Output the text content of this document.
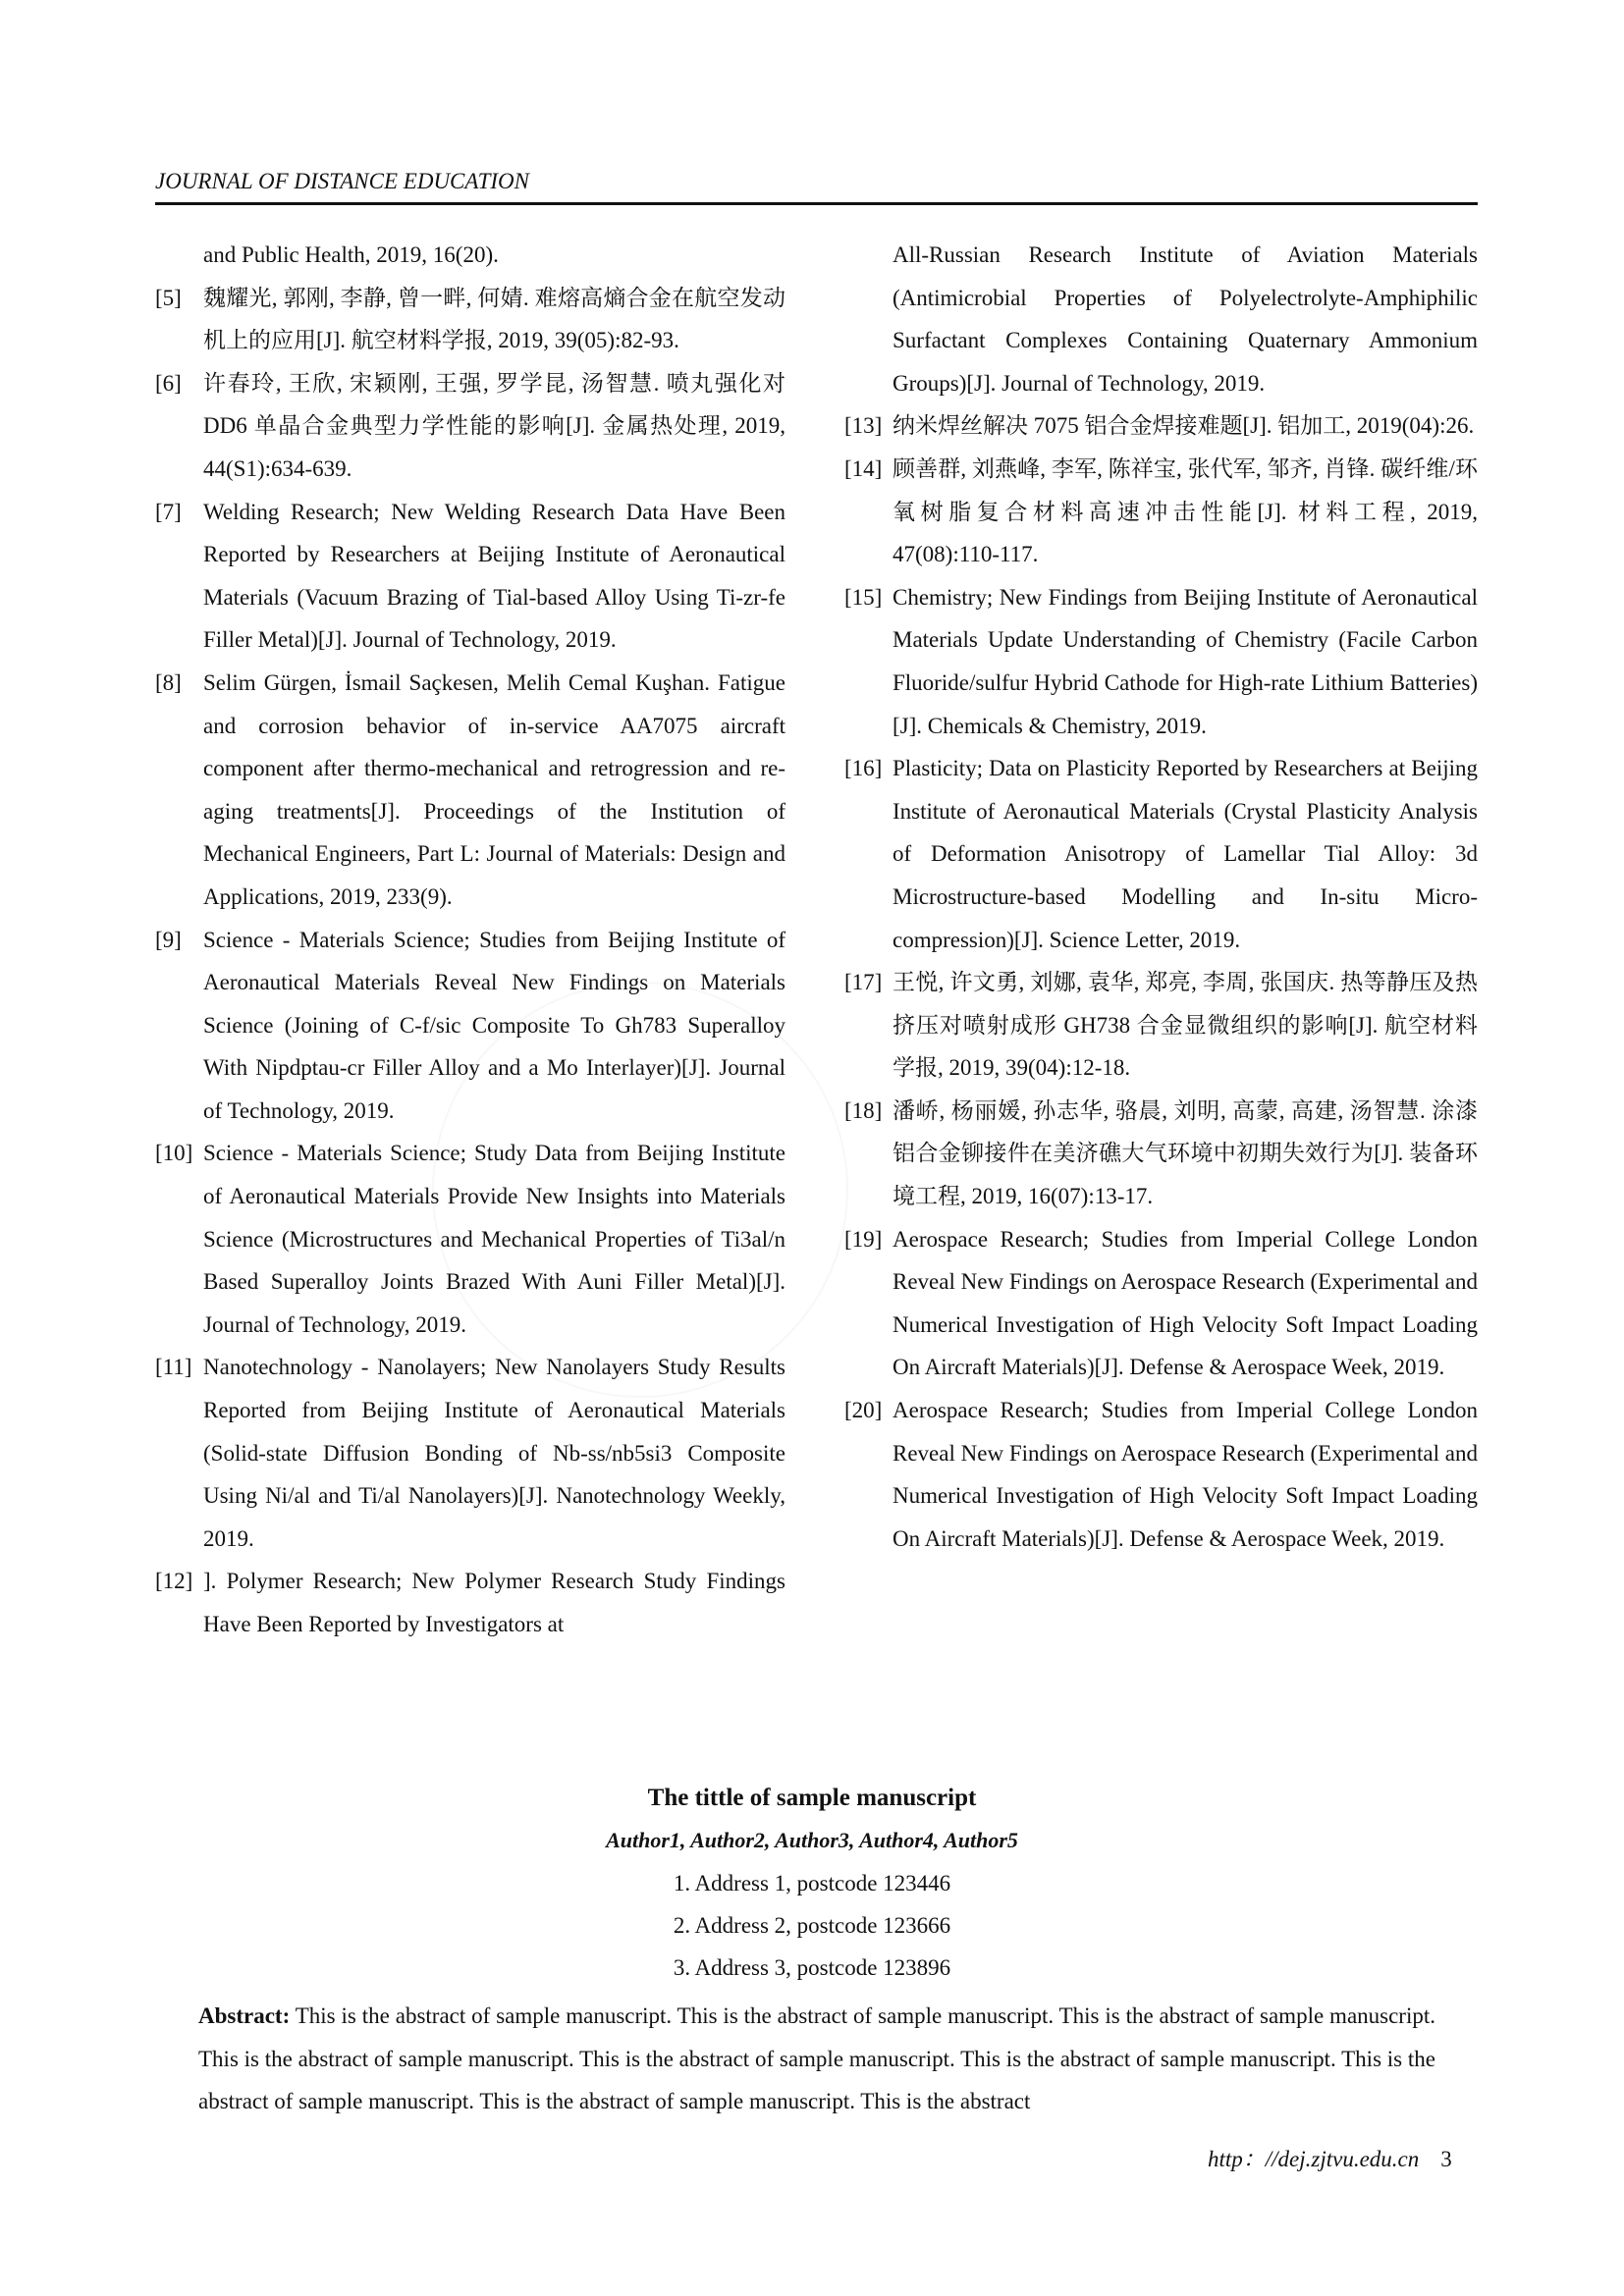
JOURNAL OF DISTANCE EDUCATION
and Public Health, 2019, 16(20).
[5] 魏耀光, 郭刚, 李静, 曾一畔, 何婧. 难熔高熵合金在航空发动机上的应用[J]. 航空材料学报, 2019, 39(05):82-93.
[6] 许春玲, 王欣, 宋颖刚, 王强, 罗学昆, 汤智慧. 喷丸强化对 DD6 单晶合金典型力学性能的影响[J]. 金属热处理, 2019, 44(S1):634-639.
[7] Welding Research; New Welding Research Data Have Been Reported by Researchers at Beijing Institute of Aeronautical Materials (Vacuum Brazing of Tial-based Alloy Using Ti-zr-fe Filler Metal)[J]. Journal of Technology, 2019.
[8] Selim Gürgen, İsmail Saçkesen, Melih Cemal Kuşhan. Fatigue and corrosion behavior of in-service AA7075 aircraft component after thermo-mechanical and retrogression and re-aging treatments[J]. Proceedings of the Institution of Mechanical Engineers, Part L: Journal of Materials: Design and Applications, 2019, 233(9).
[9] Science - Materials Science; Studies from Beijing Institute of Aeronautical Materials Reveal New Findings on Materials Science (Joining of C-f/sic Composite To Gh783 Superalloy With Nipdptau-cr Filler Alloy and a Mo Interlayer)[J]. Journal of Technology, 2019.
[10] Science - Materials Science; Study Data from Beijing Institute of Aeronautical Materials Provide New Insights into Materials Science (Microstructures and Mechanical Properties of Ti3al/n Based Superalloy Joints Brazed With Auni Filler Metal)[J]. Journal of Technology, 2019.
[11] Nanotechnology - Nanolayers; New Nanolayers Study Results Reported from Beijing Institute of Aeronautical Materials (Solid-state Diffusion Bonding of Nb-ss/nb5si3 Composite Using Ni/al and Ti/al Nanolayers)[J]. Nanotechnology Weekly, 2019.
[12] ]. Polymer Research; New Polymer Research Study Findings Have Been Reported by Investigators at
All-Russian Research Institute of Aviation Materials (Antimicrobial Properties of Polyelectrolyte-Amphiphilic Surfactant Complexes Containing Quaternary Ammonium Groups)[J]. Journal of Technology, 2019.
[13] 纳米焊丝解决 7075 铝合金焊接难题[J]. 铝加工, 2019(04):26.
[14] 顾善群, 刘燕峰, 李军, 陈祥宝, 张代军, 邹齐, 肖锋. 碳纤维/环氧树脂复合材料高速冲击性能[J]. 材料工程, 2019, 47(08):110-117.
[15] Chemistry; New Findings from Beijing Institute of Aeronautical Materials Update Understanding of Chemistry (Facile Carbon Fluoride/sulfur Hybrid Cathode for High-rate Lithium Batteries)[J]. Chemicals & Chemistry, 2019.
[16] Plasticity; Data on Plasticity Reported by Researchers at Beijing Institute of Aeronautical Materials (Crystal Plasticity Analysis of Deformation Anisotropy of Lamellar Tial Alloy: 3d Microstructure-based Modelling and In-situ Micro-compression)[J]. Science Letter, 2019.
[17] 王悦, 许文勇, 刘娜, 袁华, 郑亮, 李周, 张国庆. 热等静压及热挤压对喷射成形 GH738 合金显微组织的影响[J]. 航空材料学报, 2019, 39(04):12-18.
[18] 潘峤, 杨丽媛, 孙志华, 骆晨, 刘明, 高蒙, 高建, 汤智慧. 涂漆铝合金铆接件在美济礁大气环境中初期失效行为[J]. 装备环境工程, 2019, 16(07):13-17.
[19] Aerospace Research; Studies from Imperial College London Reveal New Findings on Aerospace Research (Experimental and Numerical Investigation of High Velocity Soft Impact Loading On Aircraft Materials)[J]. Defense & Aerospace Week, 2019.
[20] Aerospace Research; Studies from Imperial College London Reveal New Findings on Aerospace Research (Experimental and Numerical Investigation of High Velocity Soft Impact Loading On Aircraft Materials)[J]. Defense & Aerospace Week, 2019.
The tittle of sample manuscript
Author1, Author2, Author3, Author4, Author5
1. Address 1, postcode 123446
2. Address 2, postcode 123666
3. Address 3, postcode 123896
Abstract: This is the abstract of sample manuscript. This is the abstract of sample manuscript. This is the abstract of sample manuscript. This is the abstract of sample manuscript. This is the abstract of sample manuscript. This is the abstract of sample manuscript. This is the abstract of sample manuscript. This is the abstract of sample manuscript. This is the abstract
http：//dej.zjtvu.edu.cn 3
